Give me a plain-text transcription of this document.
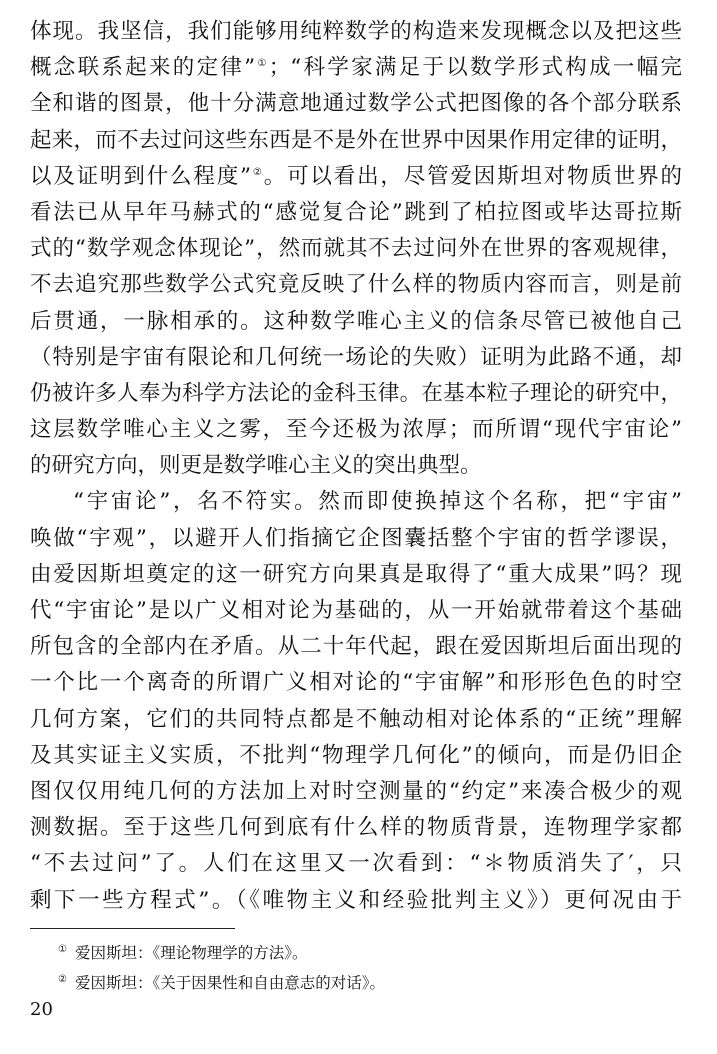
体现。我坚信，我们能够用纯粹数学的构造来发现概念以及把这些
概念联系起来的定律”①；“科学家满足于以数学形式构成一幅完
全和谐的图景，他十分满意地通过数学公式把图像的各个部分联系
起来，而不去过问这些东西是不是外在世界中因果作用定律的证明，
以及证明到什么程度”②。可以看出，尽管爱因斯坦对物质世界的
看法已从早年马赫式的“感觉复合论”跳到了柏拉图或毕达哥拉斯
式的“数学观念体现论”，然而就其不去过问外在世界的客观规律，
不去追究那些数学公式究竟反映了什么样的物质内容而言，则是前
后贯通，一脉相承的。这种数学唯心主义的信条尽管已被他自己
（特别是宇宙有限论和几何统一场论的失败）证明为此路不通，却
仍被许多人奉为科学方法论的金科玉律。在基本粒子理论的研究中，
这层数学唯心主义之雾，至今还极为浓厚；而所谓“现代宇宙论”
的研究方向，则更是数学唯心主义的突出典型。
“宇宙论”，名不符实。然而即使换掉这个名称，把“宇宙”
唤做“宇观”，以避开人们指摘它企图囊括整个宇宙的哲学谬误，
由爱因斯坦奠定的这一研究方向果真是取得了“重大成果”吗？现
代“宇宙论”是以广义相对论为基础的，从一开始就带着这个基础
所包含的全部内在矛盾。从二十年代起，跟在爱因斯坦后面出现的
一个比一个离奇的所谓广义相对论的“宇宙解”和形形色色的时空
几何方案，它们的共同特点都是不触动相对论体系的“正统”理解
及其实证主义实质，不批判“物理学几何化”的倾向，而是仍旧企
图仅仅用纯几何的方法加上对时空测量的“约定”来凑合极少的观
测数据。至于这些几何到底有什么样的物质背景，连物理学家都
“不去过问”了。人们在这里又一次看到：“＊物质消失了′，只
剩下一些方程式”。（《唯物主义和经验批判主义》）更何况由于
① 爱因斯坦：《理论物理学的方法》。
② 爱因斯坦：《关于因果性和自由意志的对话》。
20
